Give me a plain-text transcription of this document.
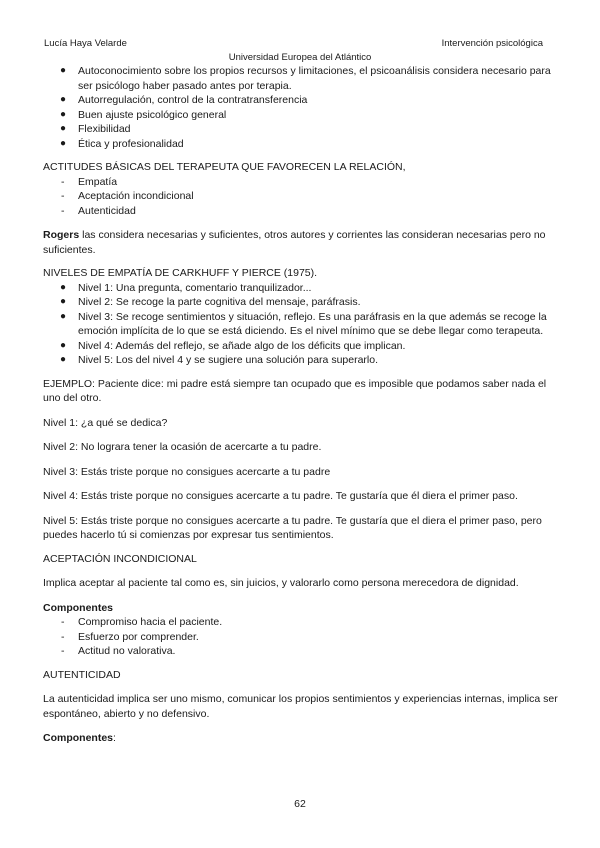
Lucía Haya Velarde	Intervención psicológica
Universidad Europea del Atlántico
● Autoconocimiento sobre los propios recursos y limitaciones, el psicoanálisis considera necesario para ser psicólogo haber pasado antes por terapia.
● Autorregulación, control de la contratransferencia
● Buen ajuste psicológico general
● Flexibilidad
● Ética y profesionalidad

ACTITUDES BÁSICAS DEL TERAPEUTA QUE FAVORECEN LA RELACIÓN,

- Empatía
- Aceptación incondicional
- Autenticidad

Rogers las considera necesarias y suficientes, otros autores y corrientes las consideran necesarias pero no suficientes.

NIVELES DE EMPATÍA DE CARKHUFF Y PIERCE (1975).

● Nivel 1: Una pregunta, comentario tranquilizador...
● Nivel 2: Se recoge la parte cognitiva del mensaje, paráfrasis.
● Nivel 3: Se recoge sentimientos y situación, reflejo. Es una paráfrasis en la que además se recoge la emoción implícita de lo que se está diciendo. Es el nivel mínimo que se debe llegar como terapeuta.
● Nivel 4: Además del reflejo, se añade algo de los déficits que implican.
● Nivel 5: Los del nivel 4 y se sugiere una solución para superarlo.

EJEMPLO: Paciente dice: mi padre está siempre tan ocupado que es imposible que podamos saber nada el uno del otro.

Nivel 1: ¿a qué se dedica?

Nivel 2: No lograra tener la ocasión de acercarte a tu padre.

Nivel 3: Estás triste porque no consigues acercarte a tu padre

Nivel 4: Estás triste porque no consigues acercarte a tu padre. Te gustaría que él diera el primer paso.

Nivel 5: Estás triste porque no consigues acercarte a tu padre. Te gustaría que el diera el primer paso, pero puedes hacerlo tú si comienzas por expresar tus sentimientos.

ACEPTACIÓN INCONDICIONAL

Implica aceptar al paciente tal como es, sin juicios, y valorarlo como persona merecedora de dignidad.

Componentes

- Compromiso hacia el paciente.
- Esfuerzo por comprender.
- Actitud no valorativa.

AUTENTICIDAD

La autenticidad implica ser uno mismo, comunicar los propios sentimientos y experiencias internas, implica ser espontáneo, abierto y no defensivo.

Componentes:

62
